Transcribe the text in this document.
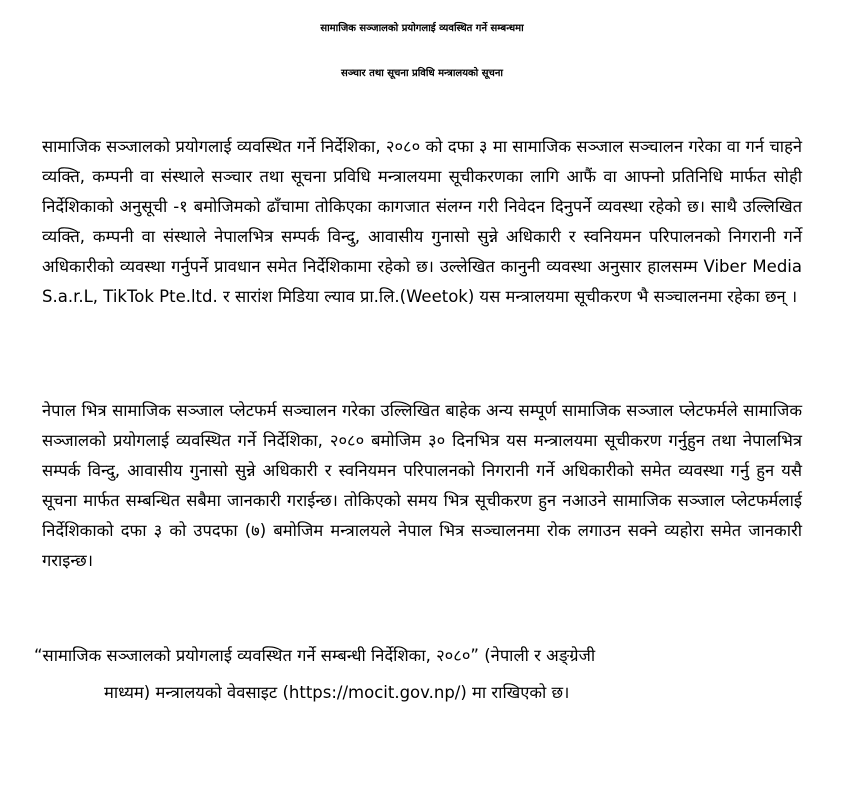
सामाजिक सञ्जालको प्रयोगलाई व्यवस्थित गर्ने सम्बन्धमा
सञ्चार तथा सूचना प्रविधि मन्त्रालयको सूचना
सामाजिक सञ्जालको प्रयोगलाई व्यवस्थित गर्ने निर्देशिका, २०८० को दफा ३ मा सामाजिक सञ्जाल सञ्चालन गरेका वा गर्न चाहने व्यक्ति, कम्पनी वा संस्थाले सञ्चार तथा सूचना प्रविधि मन्त्रालयमा सूचीकरणका लागि आफैं वा आफ्नो प्रतिनिधि मार्फत सोही निर्देशिकाको अनुसूची -१ बमोजिमको ढाँचामा तोकिएका कागजात संलग्न गरी निवेदन दिनुपर्ने व्यवस्था रहेको छ। साथै उल्लिखित व्यक्ति, कम्पनी वा संस्थाले नेपालभित्र सम्पर्क विन्दु, आवासीय गुनासो सुन्ने अधिकारी र स्वनियमन परिपालनको निगरानी गर्ने अधिकारीको व्यवस्था गर्नुपर्ने प्रावधान समेत निर्देशिकामा रहेको छ। उल्लेखित कानुनी व्यवस्था अनुसार हालसम्म Viber Media S.a.r.L, TikTok Pte.ltd. र सारांश मिडिया ल्याव प्रा.लि.(Weetok) यस मन्त्रालयमा सूचीकरण भै सञ्चालनमा रहेका छन् ।
नेपाल भित्र सामाजिक सञ्जाल प्लेटफर्म सञ्चालन गरेका उल्लिखित बाहेक अन्य सम्पूर्ण सामाजिक सञ्जाल प्लेटफर्मले सामाजिक सञ्जालको प्रयोगलाई व्यवस्थित गर्ने निर्देशिका, २०८० बमोजिम ३० दिनभित्र यस मन्त्रालयमा सूचीकरण गर्नुहुन तथा नेपालभित्र सम्पर्क विन्दु, आवासीय गुनासो सुन्ने अधिकारी र स्वनियमन परिपालनको निगरानी गर्ने अधिकारीको समेत व्यवस्था गर्नु हुन यसै सूचना मार्फत सम्बन्धित सबैमा जानकारी गराईन्छ। तोकिएको समय भित्र सूचीकरण हुन नआउने सामाजिक सञ्जाल प्लेटफर्मलाई निर्देशिकाको दफा ३ को उपदफा (७) बमोजिम मन्त्रालयले नेपाल भित्र सञ्चालनमा रोक लगाउन सक्ने व्यहोरा समेत जानकारी गराइन्छ।
“सामाजिक सञ्जालको प्रयोगलाई व्यवस्थित गर्ने सम्बन्धी निर्देशिका, २०८०” (नेपाली र अङ्ग्रेजी
माध्यम) मन्त्रालयको वेवसाइट (https://mocit.gov.np/) मा राखिएको छ।
